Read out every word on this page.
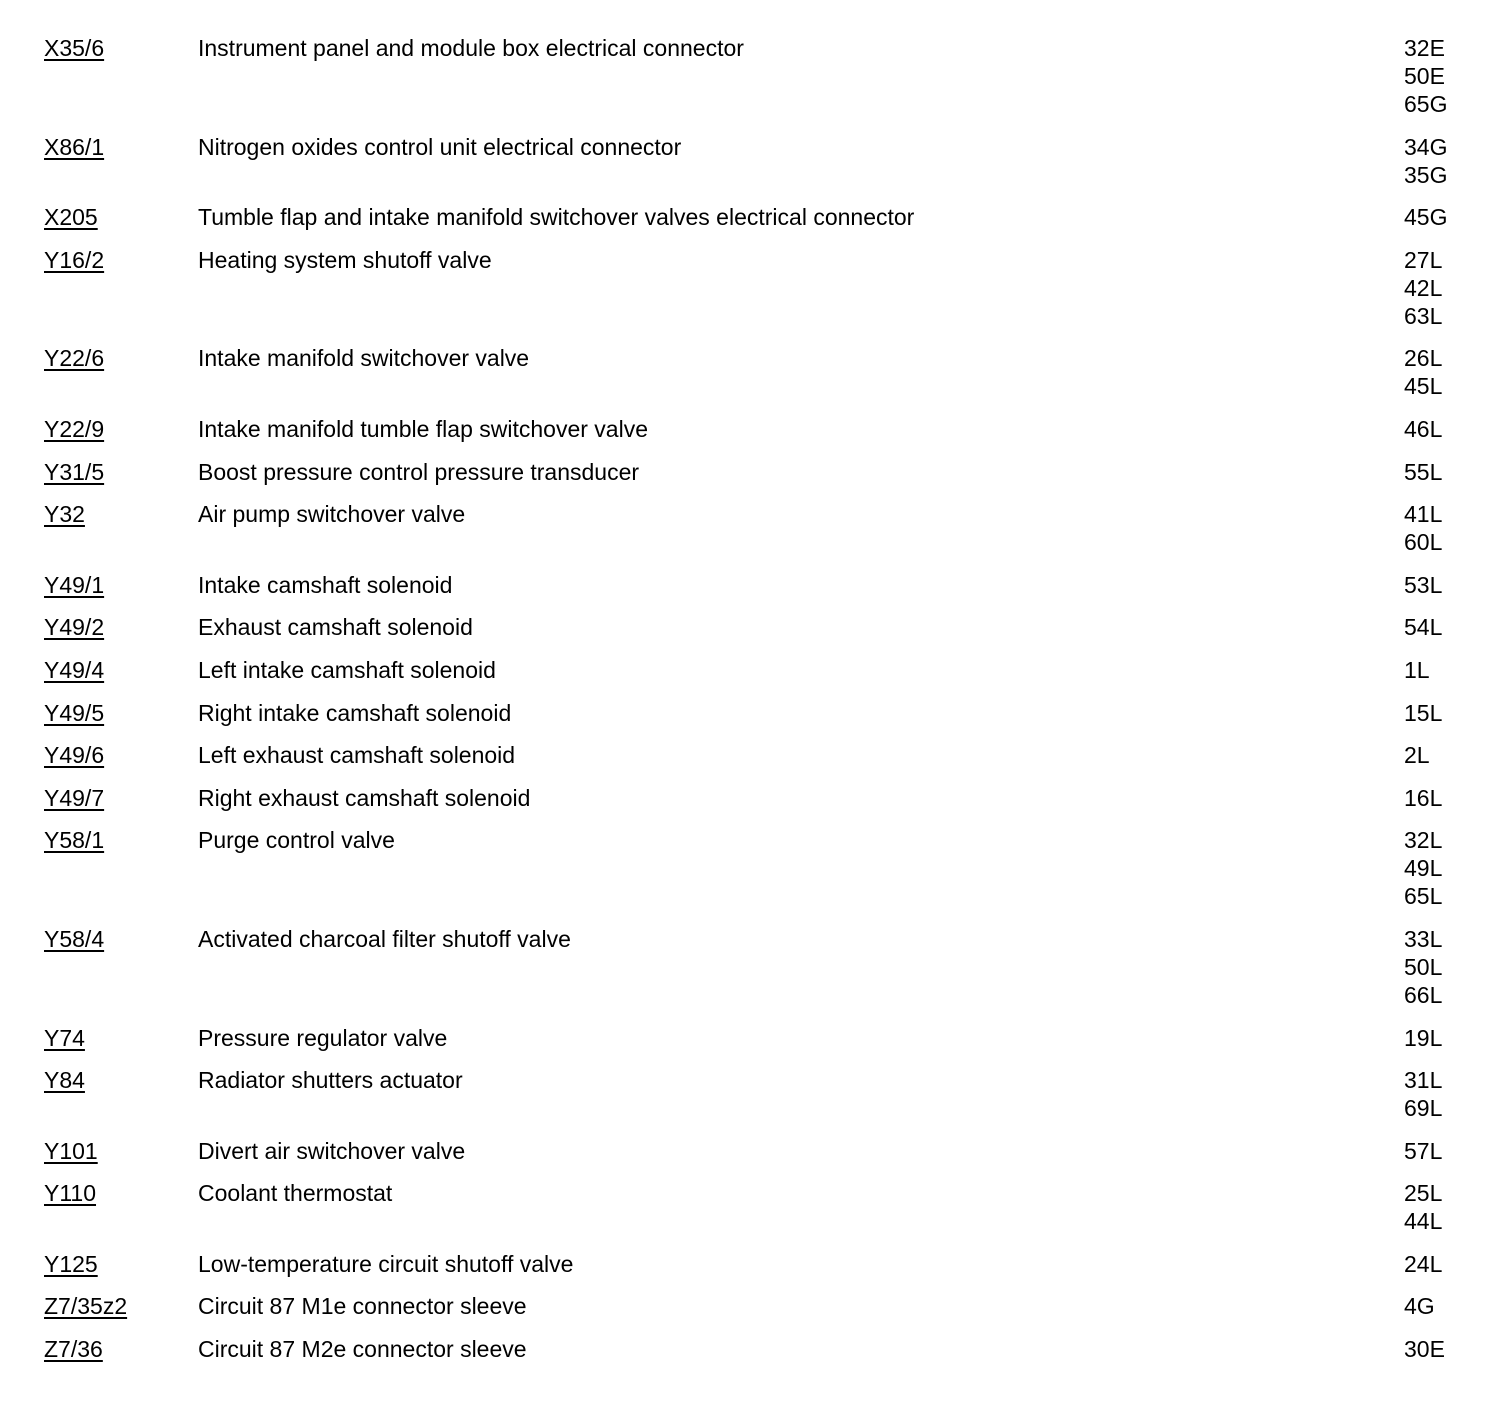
X35/6	Instrument panel and module box electrical connector	32E
50E
65G
X86/1	Nitrogen oxides control unit electrical connector	34G
35G
X205	Tumble flap and intake manifold switchover valves electrical connector	45G
Y16/2	Heating system shutoff valve	27L
42L
63L
Y22/6	Intake manifold switchover valve	26L
45L
Y22/9	Intake manifold tumble flap switchover valve	46L
Y31/5	Boost pressure control pressure transducer	55L
Y32	Air pump switchover valve	41L
60L
Y49/1	Intake camshaft solenoid	53L
Y49/2	Exhaust camshaft solenoid	54L
Y49/4	Left intake camshaft solenoid	1L
Y49/5	Right intake camshaft solenoid	15L
Y49/6	Left exhaust camshaft solenoid	2L
Y49/7	Right exhaust camshaft solenoid	16L
Y58/1	Purge control valve	32L
49L
65L
Y58/4	Activated charcoal filter shutoff valve	33L
50L
66L
Y74	Pressure regulator valve	19L
Y84	Radiator shutters actuator	31L
69L
Y101	Divert air switchover valve	57L
Y110	Coolant thermostat	25L
44L
Y125	Low-temperature circuit shutoff valve	24L
Z7/35z2	Circuit 87 M1e connector sleeve	4G
Z7/36	Circuit 87 M2e connector sleeve	30E
